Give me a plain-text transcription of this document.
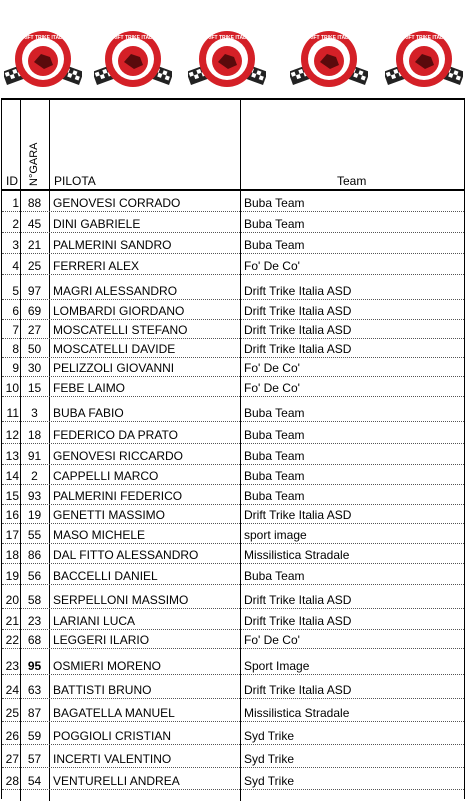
DRIFT TRIKE ITALIA	DRIFT TRIKE ITALIA	DRIFT TRIKE ITALIA	DRIFT TRIKE ITALIA	DRIFT TRIKE ITALIA
ID N°GARA PILOTA	Team
1 88 GENOVESI CORRADO	Buba Team
2 45 DINI GABRIELE	Buba Team
3 21 PALMERINI SANDRO	Buba Team
4 25 FERRERI ALEX	Fo' De Co'
5 97 MAGRI ALESSANDRO	Drift Trike Italia ASD
6 69 LOMBARDI GIORDANO	Drift Trike Italia ASD
7 27 MOSCATELLI STEFANO	Drift Trike Italia ASD
8 50 MOSCATELLI DAVIDE	Drift Trike Italia ASD
9 30 PELIZZOLI GIOVANNI	Fo' De Co'
10 15 FEBE LAIMO	Fo' De Co'
11	3	BUBA FABIO	Buba Team
12 18 FEDERICO DA PRATO	Buba Team
13 91 GENOVESI RICCARDO	Buba Team
14	2	CAPPELLI MARCO	Buba Team
15 93 PALMERINI FEDERICO	Buba Team
16 19 GENETTI MASSIMO	Drift Trike Italia ASD
17 55 MASO MICHELE	sport image
18 86 DAL FITTO ALESSANDRO	Missilistica Stradale
19 56 BACCELLI DANIEL	Buba Team
20 58 SERPELLONI MASSIMO	Drift Trike Italia ASD
21 23 LARIANI LUCA	Drift Trike Italia ASD
22 68 LEGGERI ILARIO	Fo' De Co'
23 95 OSMIERI MORENO	Sport Image
24 63 BATTISTI BRUNO	Drift Trike Italia ASD
25 87 BAGATELLA MANUEL	Missilistica Stradale
26 59 POGGIOLI CRISTIAN	Syd Trike
27 57 INCERTI VALENTINO	Syd Trike
28 54 VENTURELLI ANDREA	Syd Trike
